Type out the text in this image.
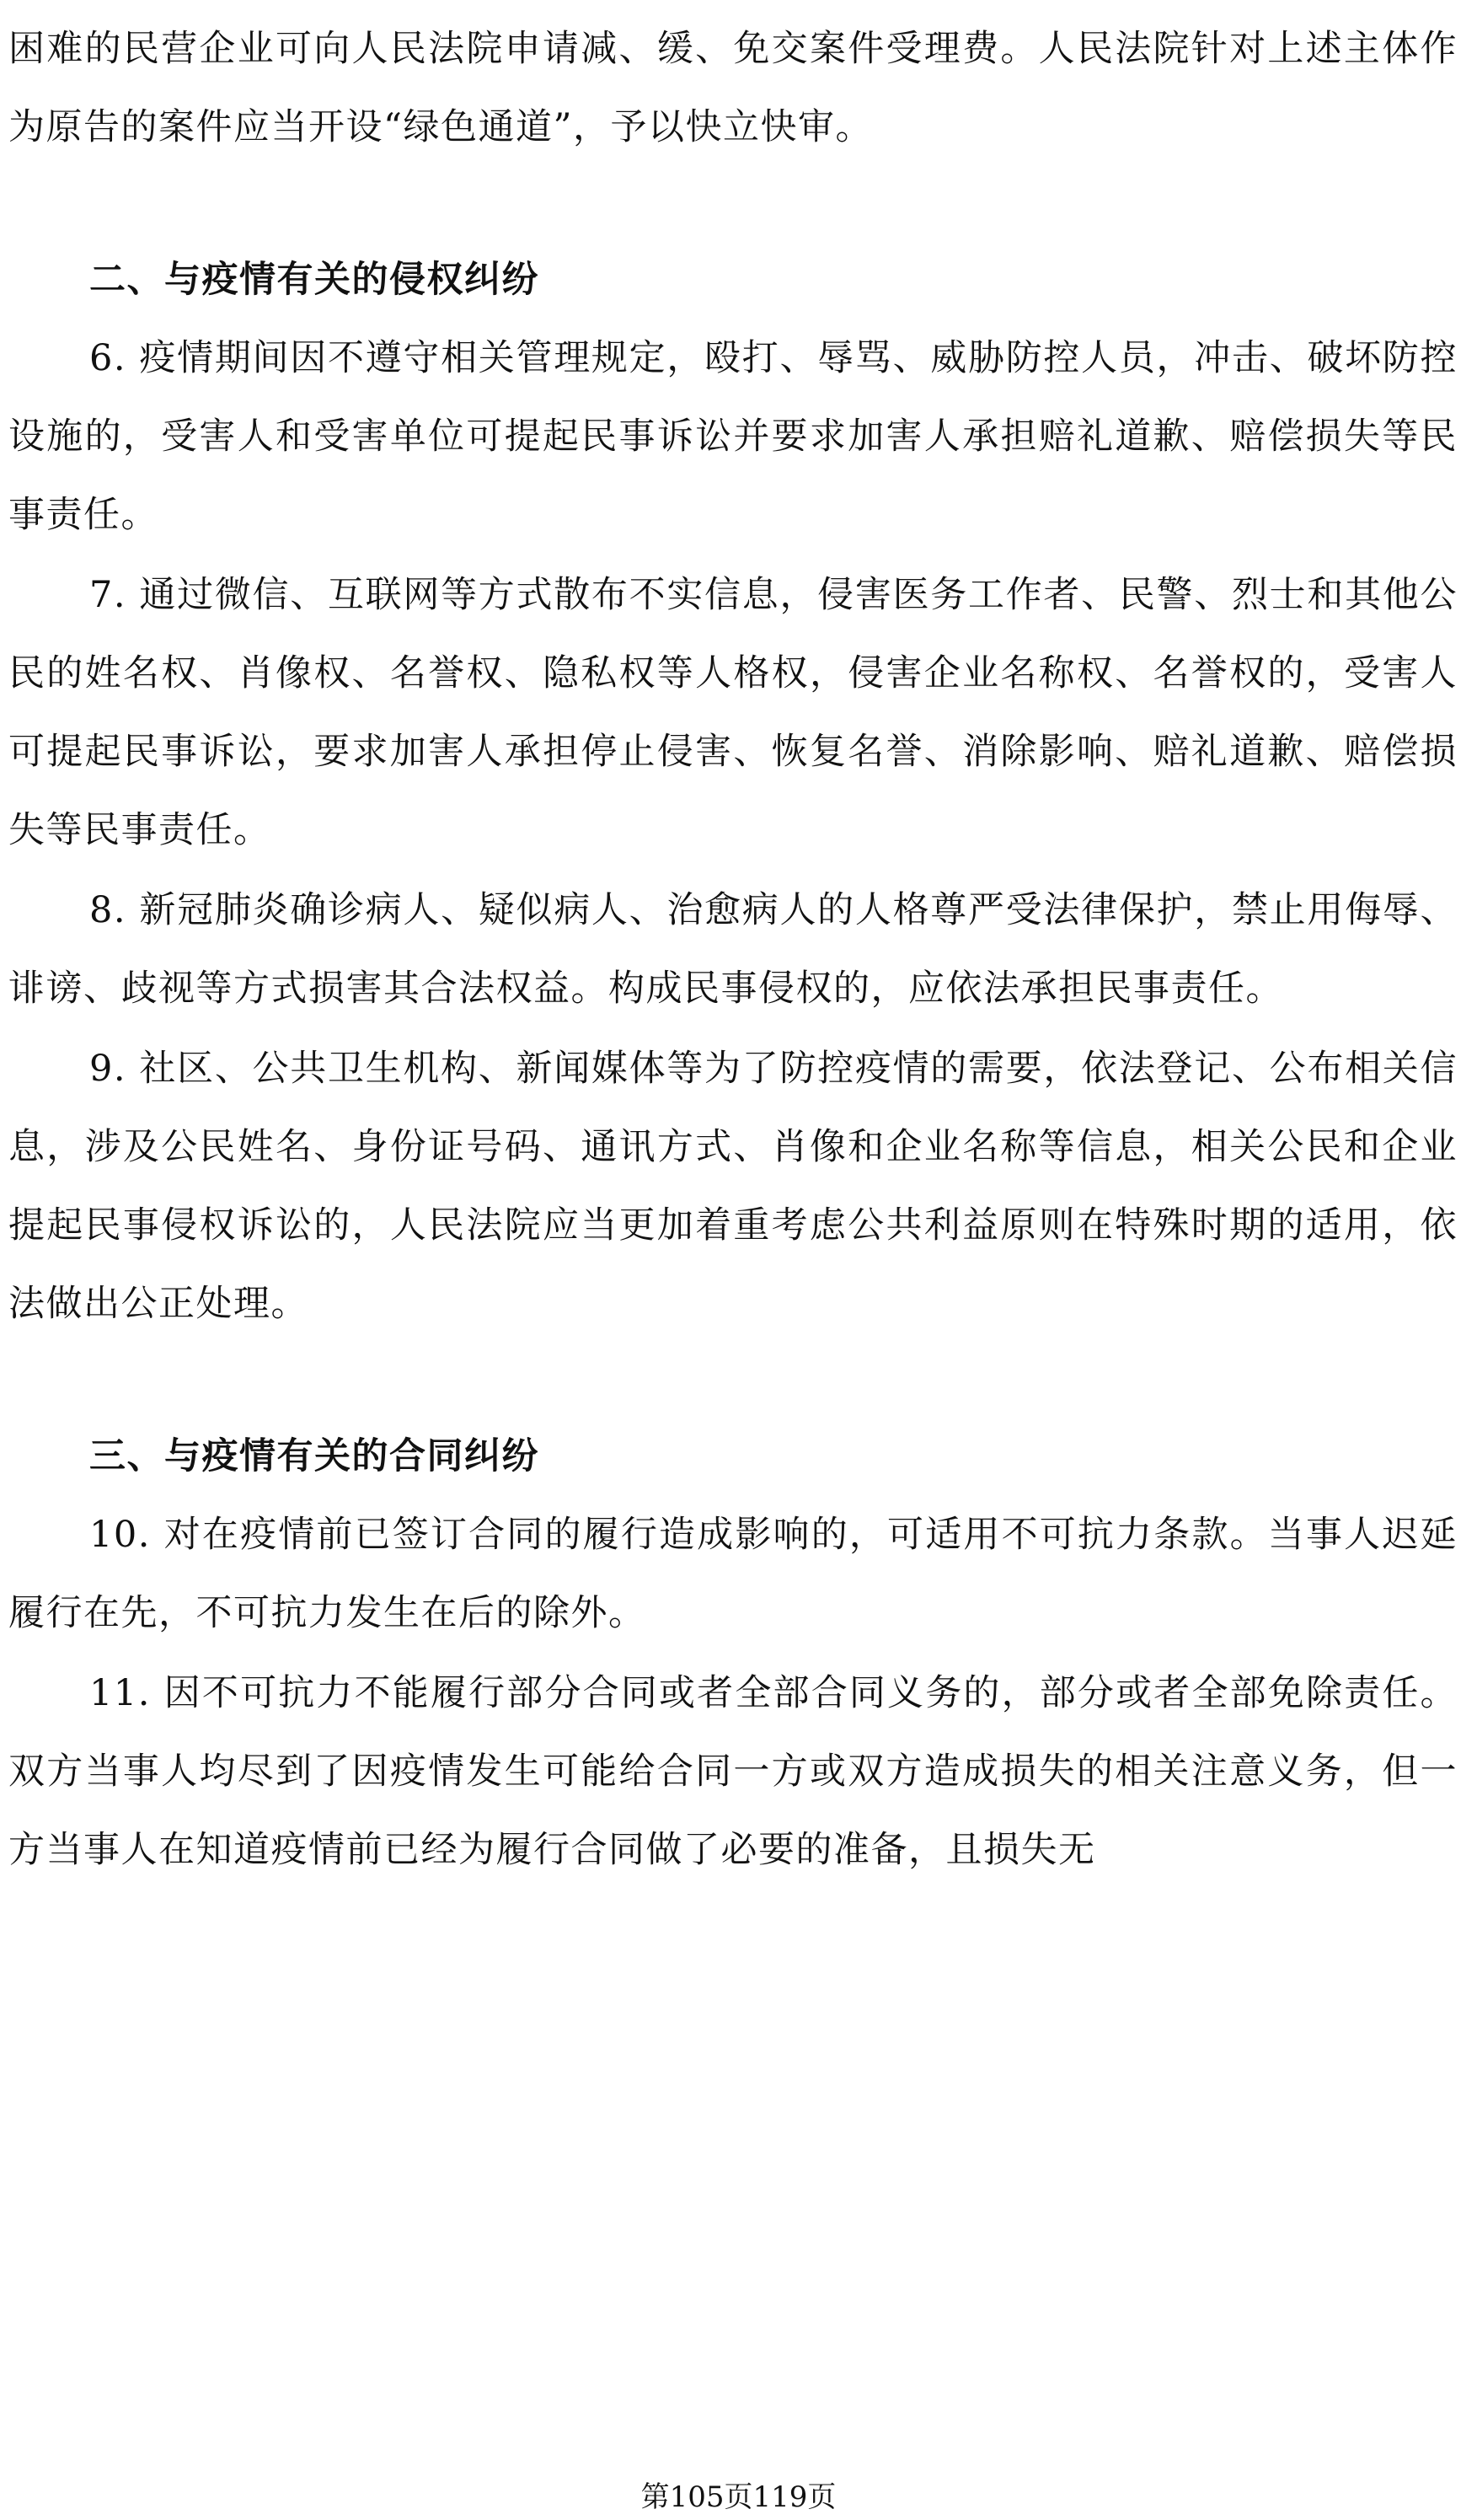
困难的民营企业可向人民法院申请减、缓、免交案件受理费。人民法院针对上述主体作为原告的案件应当开设“绿色通道”，予以快立快审。

二、与疫情有关的侵权纠纷

6. 疫情期间因不遵守相关管理规定，殴打、辱骂、威胁防控人员，冲击、破坏防控设施的，受害人和受害单位可提起民事诉讼并要求加害人承担赔礼道歉、赔偿损失等民事责任。

7. 通过微信、互联网等方式散布不实信息，侵害医务工作者、民警、烈士和其他公民的姓名权、肖像权、名誉权、隐私权等人格权，侵害企业名称权、名誉权的，受害人可提起民事诉讼，要求加害人承担停止侵害、恢复名誉、消除影响、赔礼道歉、赔偿损失等民事责任。

8. 新冠肺炎确诊病人、疑似病人、治愈病人的人格尊严受法律保护，禁止用侮辱、诽谤、歧视等方式损害其合法权益。构成民事侵权的，应依法承担民事责任。

9. 社区、公共卫生机构、新闻媒体等为了防控疫情的需要，依法登记、公布相关信息，涉及公民姓名、身份证号码、通讯方式、肖像和企业名称等信息，相关公民和企业提起民事侵权诉讼的，人民法院应当更加着重考虑公共利益原则在特殊时期的适用，依法做出公正处理。

三、与疫情有关的合同纠纷

10. 对在疫情前已签订合同的履行造成影响的，可适用不可抗力条款。当事人迟延履行在先，不可抗力发生在后的除外。

11. 因不可抗力不能履行部分合同或者全部合同义务的，部分或者全部免除责任。双方当事人均尽到了因疫情发生可能给合同一方或双方造成损失的相关注意义务，但一方当事人在知道疫情前已经为履行合同做了必要的准备，且损失无

第105页119页
